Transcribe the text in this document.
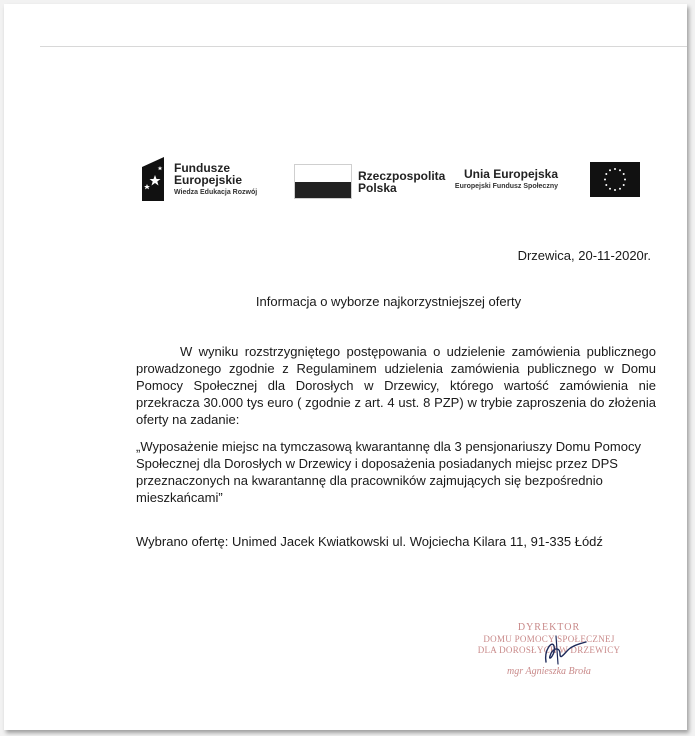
Fundusze
Europejskie
Wiedza Edukacja Rozwój
Rzeczpospolita
Polska
Unia Europejska
Europejski Fundusz Społeczny
Drzewica, 20-11-2020r.
Informacja o wyborze najkorzystniejszej oferty
W wyniku rozstrzygniętego postępowania o udzielenie zamówienia publicznego prowadzonego zgodnie z Regulaminem udzielenia zamówienia publicznego w Domu Pomocy Społecznej dla Dorosłych w Drzewicy, którego wartość zamówienia nie przekracza 30.000 tys euro ( zgodnie z art. 4 ust. 8 PZP) w trybie zaproszenia do złożenia oferty na zadanie:
„Wyposażenie miejsc na tymczasową kwarantannę dla 3 pensjonariuszy Domu Pomocy Społecznej dla Dorosłych w Drzewicy i doposażenia posiadanych miejsc przez DPS przeznaczonych na kwarantannę dla pracowników zajmujących się bezpośrednio mieszkańcami”
Wybrano ofertę: Unimed Jacek Kwiatkowski ul. Wojciecha Kilara 11, 91-335 Łódź
DYREKTOR
DOMU POMOCY SPOŁECZNEJ
DLA DOROSŁYCH W DRZEWICY
mgr Agnieszka Broła
